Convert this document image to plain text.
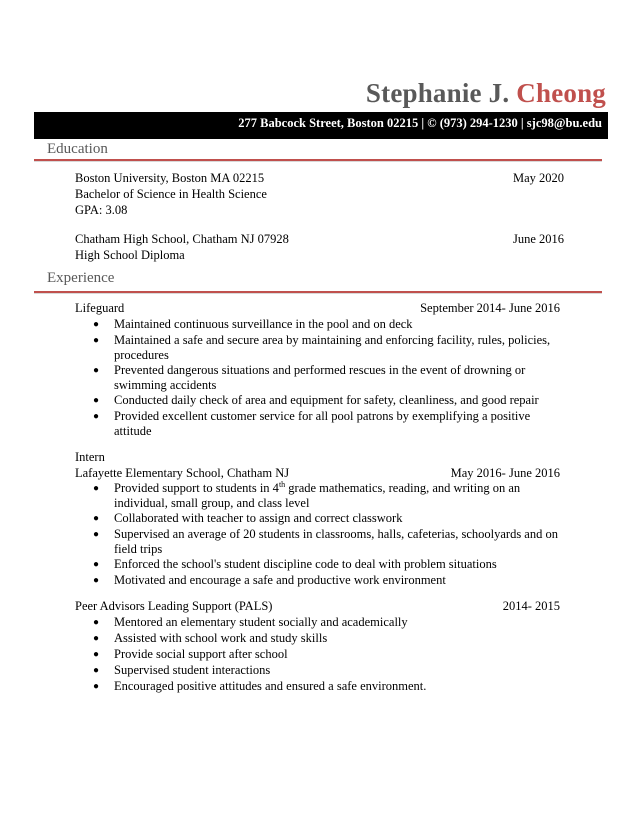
Stephanie J. Cheong
277 Babcock Street, Boston 02215 | © (973) 294-1230 | sjc98@bu.edu
Education
Boston University, Boston MA 02215	May 2020
Bachelor of Science in Health Science
GPA: 3.08
Chatham High School, Chatham NJ 07928	June 2016
High School Diploma
Experience
Lifeguard	September 2014- June 2016
● Maintained continuous surveillance in the pool and on deck
● Maintained a safe and secure area by maintaining and enforcing facility, rules, policies,
procedures
● Prevented dangerous situations and performed rescues in the event of drowning or
swimming accidents
● Conducted daily check of area and equipment for safety, cleanliness, and good repair
● Provided excellent customer service for all pool patrons by exemplifying a positive
attitude
Intern
Lafayette Elementary School, Chatham NJ	May 2016- June 2016
● Provided support to students in 4th grade mathematics, reading, and writing on an
individual, small group, and class level
● Collaborated with teacher to assign and correct classwork
● Supervised an average of 20 students in classrooms, halls, cafeterias, schoolyards and on
field trips
● Enforced the school's student discipline code to deal with problem situations
● Motivated and encourage a safe and productive work environment
Peer Advisors Leading Support (PALS)	2014- 2015
● Mentored an elementary student socially and academically
● Assisted with school work and study skills
● Provide social support after school
● Supervised student interactions
● Encouraged positive attitudes and ensured a safe environment.
